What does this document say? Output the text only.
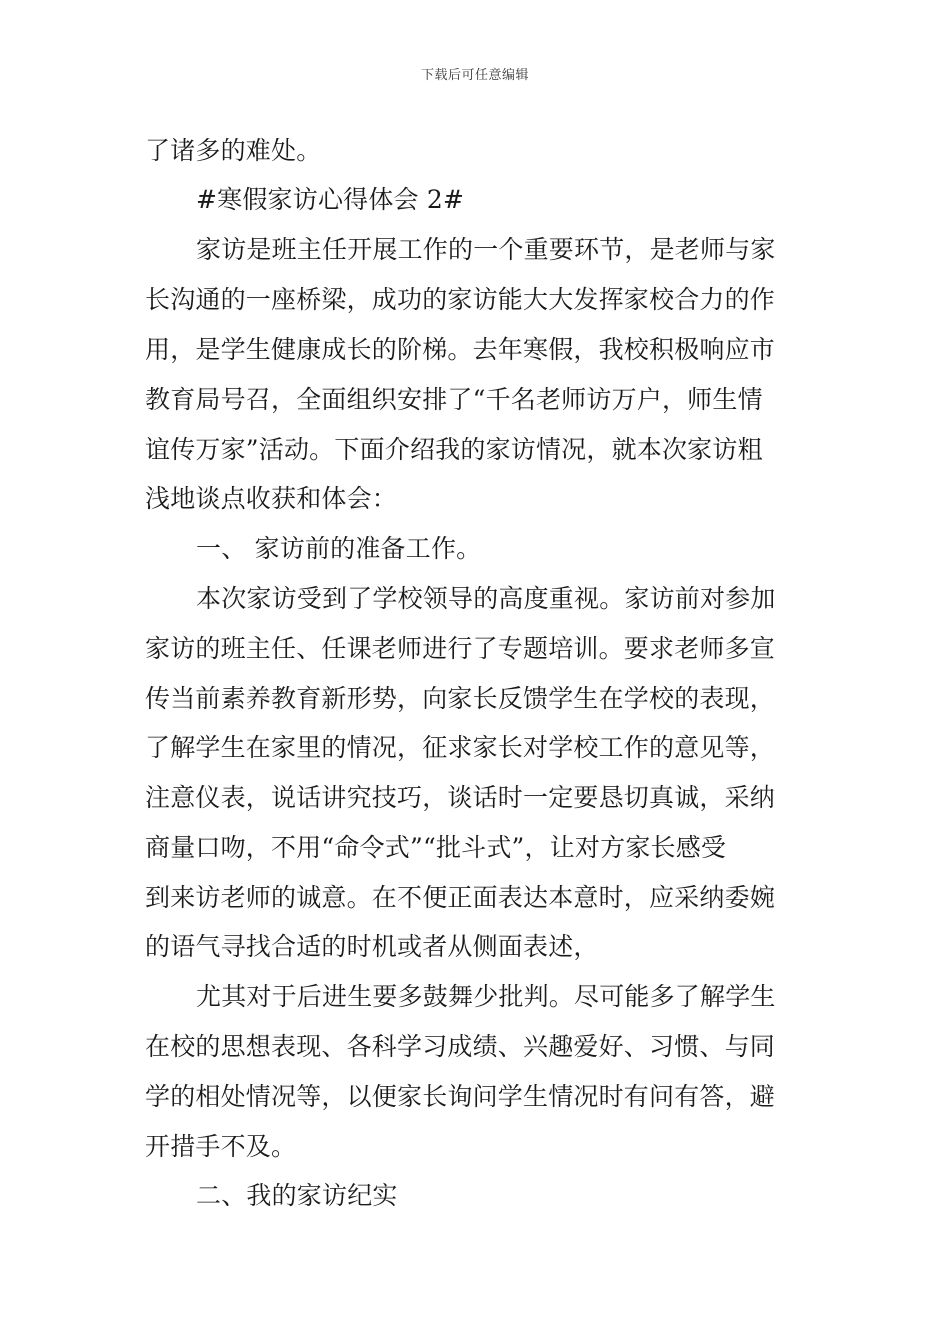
下载后可任意编辑
了诸多的难处。
#寒假家访心得体会 2#
家访是班主任开展工作的一个重要环节，是老师与家
长沟通的一座桥梁，成功的家访能大大发挥家校合力的作
用，是学生健康成长的阶梯。去年寒假，我校积极响应市
教育局号召，全面组织安排了“千名老师访万户，师生情
谊传万家”活动。下面介绍我的家访情况，就本次家访粗
浅地谈点收获和体会：
一、 家访前的准备工作。
本次家访受到了学校领导的高度重视。家访前对参加
家访的班主任、任课老师进行了专题培训。要求老师多宣
传当前素养教育新形势，向家长反馈学生在学校的表现，
了解学生在家里的情况，征求家长对学校工作的意见等，
注意仪表，说话讲究技巧，谈话时一定要恳切真诚，采纳
商量口吻，不用“命令式”“批斗式”，让对方家长感受
到来访老师的诚意。在不便正面表达本意时，应采纳委婉
的语气寻找合适的时机或者从侧面表述，
尤其对于后进生要多鼓舞少批判。尽可能多了解学生
在校的思想表现、各科学习成绩、兴趣爱好、习惯、与同
学的相处情况等，以便家长询问学生情况时有问有答，避
开措手不及。
二、我的家访纪实
